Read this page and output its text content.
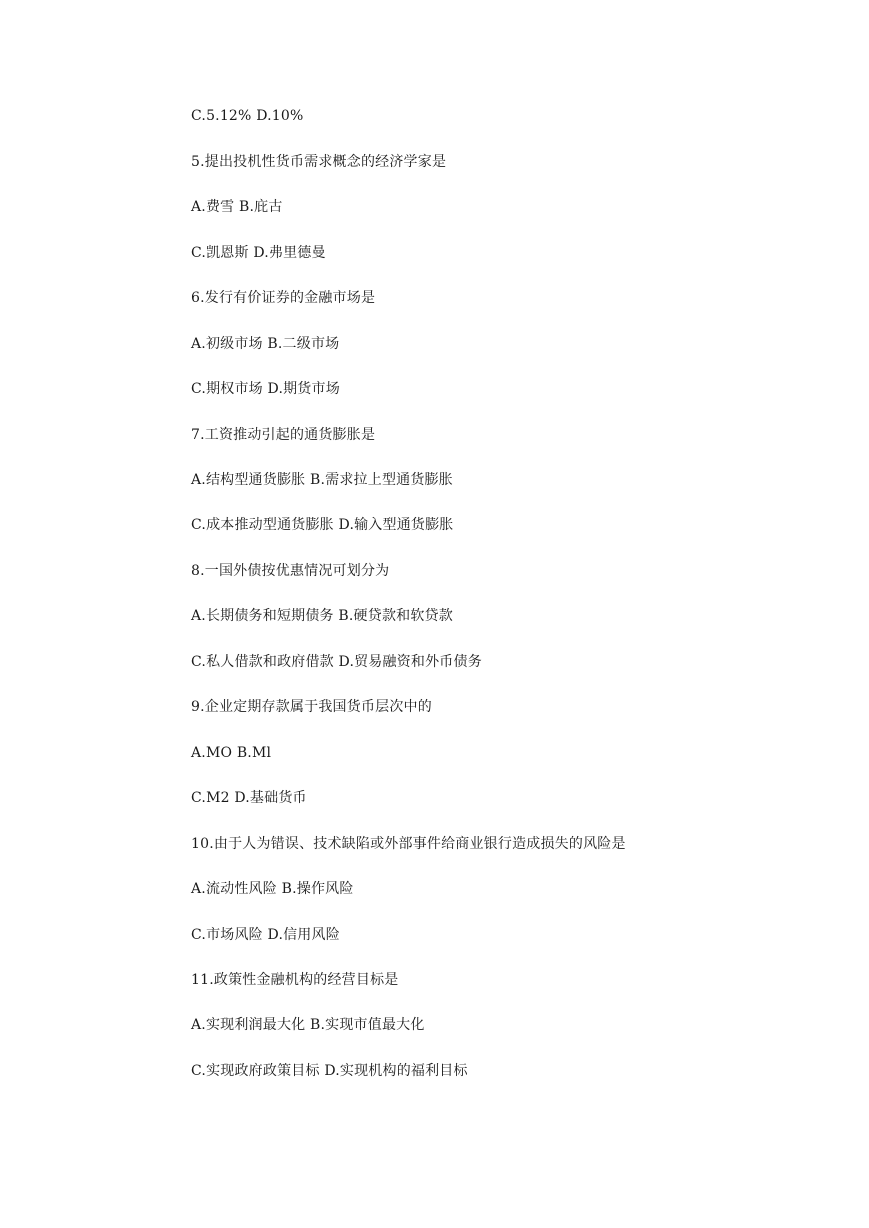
C.5.12% D.10%
5.提出投机性货币需求概念的经济学家是
A.费雪 B.庇古
C.凯恩斯 D.弗里德曼
6.发行有价证券的金融市场是
A.初级市场 B.二级市场
C.期权市场 D.期货市场
7.工资推动引起的通货膨胀是
A.结构型通货膨胀 B.需求拉上型通货膨胀
C.成本推动型通货膨胀 D.输入型通货膨胀
8.一国外债按优惠情况可划分为
A.长期债务和短期债务 B.硬贷款和软贷款
C.私人借款和政府借款 D.贸易融资和外币债务
9.企业定期存款属于我国货币层次中的
A.MO B.Ml
C.M2 D.基础货币
10.由于人为错误、技术缺陷或外部事件给商业银行造成损失的风险是
A.流动性风险 B.操作风险
C.市场风险 D.信用风险
11.政策性金融机构的经营目标是
A.实现利润最大化 B.实现市值最大化
C.实现政府政策目标 D.实现机构的福利目标
